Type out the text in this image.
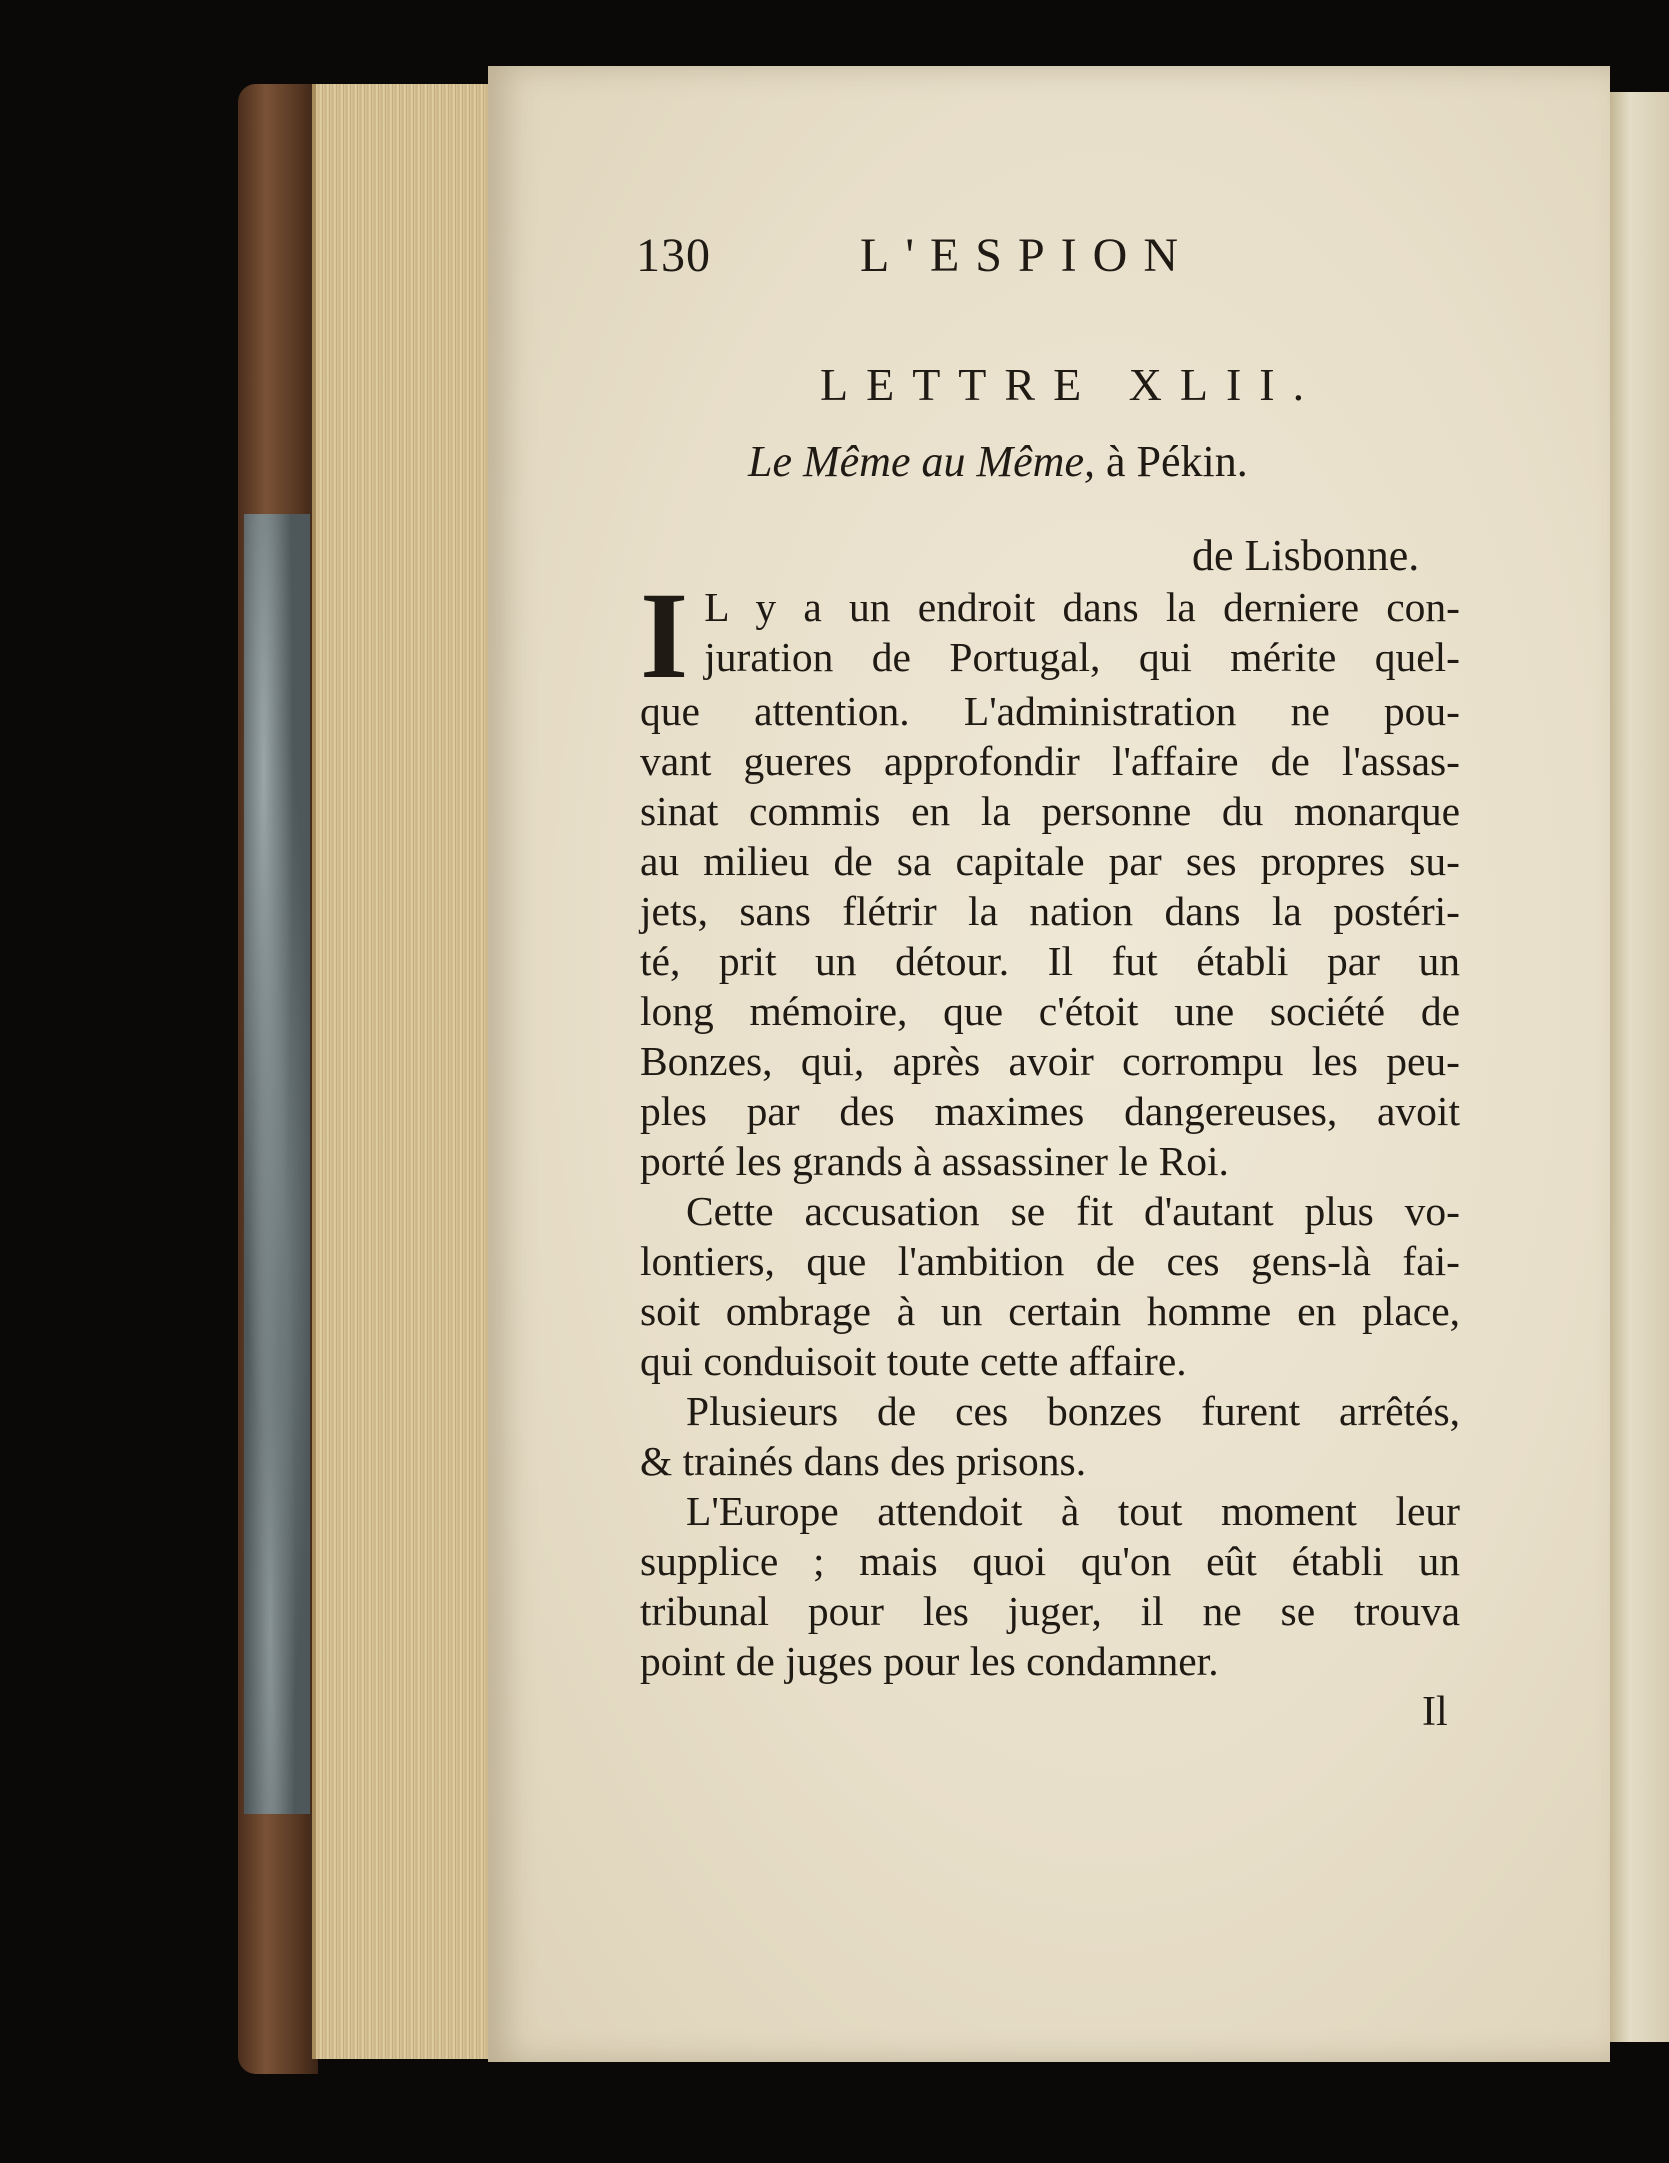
130	L'ESPION
LETTRE XLII.
Le Même au Même, à Pékin.
de Lisbonne.
I L y a un endroit dans la derniere con-
juration de Portugal, qui mérite quel-
que attention. L'administration ne pou-
vant gueres approfondir l'affaire de l'assas-
sinat commis en la personne du monarque
au milieu de sa capitale par ses propres su-
jets, sans flétrir la nation dans la postéri-
té, prit un détour. Il fut établi par un
long mémoire, que c'étoit une société de
Bonzes, qui, après avoir corrompu les peu-
ples par des maximes dangereuses, avoit
porté les grands à assassiner le Roi.
Cette accusation se fit d'autant plus vo-
lontiers, que l'ambition de ces gens-là fai-
soit ombrage à un certain homme en place,
qui conduisoit toute cette affaire.
Plusieurs de ces bonzes furent arrêtés,
& trainés dans des prisons.
L'Europe attendoit à tout moment leur
supplice ; mais quoi qu'on eût établi un
tribunal pour les juger, il ne se trouva
point de juges pour les condamner.
Il
